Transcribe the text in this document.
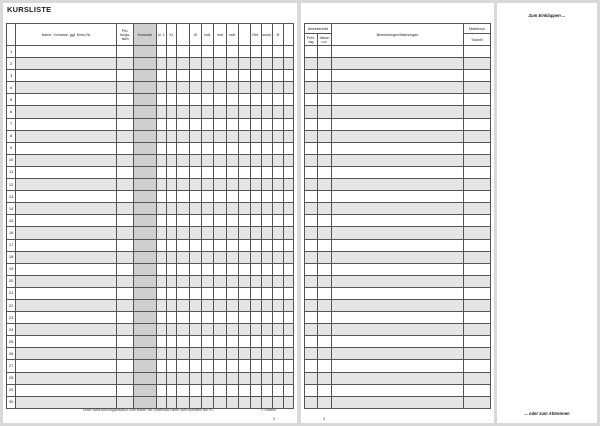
KURSLISTE
	Name, Vorname, ggf. Kenn-Nr.	Prü-fungs-fach	Kursnote	sl. 1	Kl.		Ø	mdl.	mdl.	mdl.		Ref.	sonst.	Ø	
1															
2															
3															
4															
5															
6															
7															
8															
9															
10															
11															
12															
13															
14															
15															
16															
17															
18															
19															
20															
21															
22															
23															
24															
25															
26															
27															
28															
29															
30															
Unter www.schulorganisation.com finden Sie Download-Listen zum Ausfüllen am PC	© Dataon
2
Abwesenheit		Bemerkungen/Warnungen	Markierun
Fehl-tag	davon u.e.		Tutor/in

3
Zum Einklappen ...
... oder zum Abtrennen
